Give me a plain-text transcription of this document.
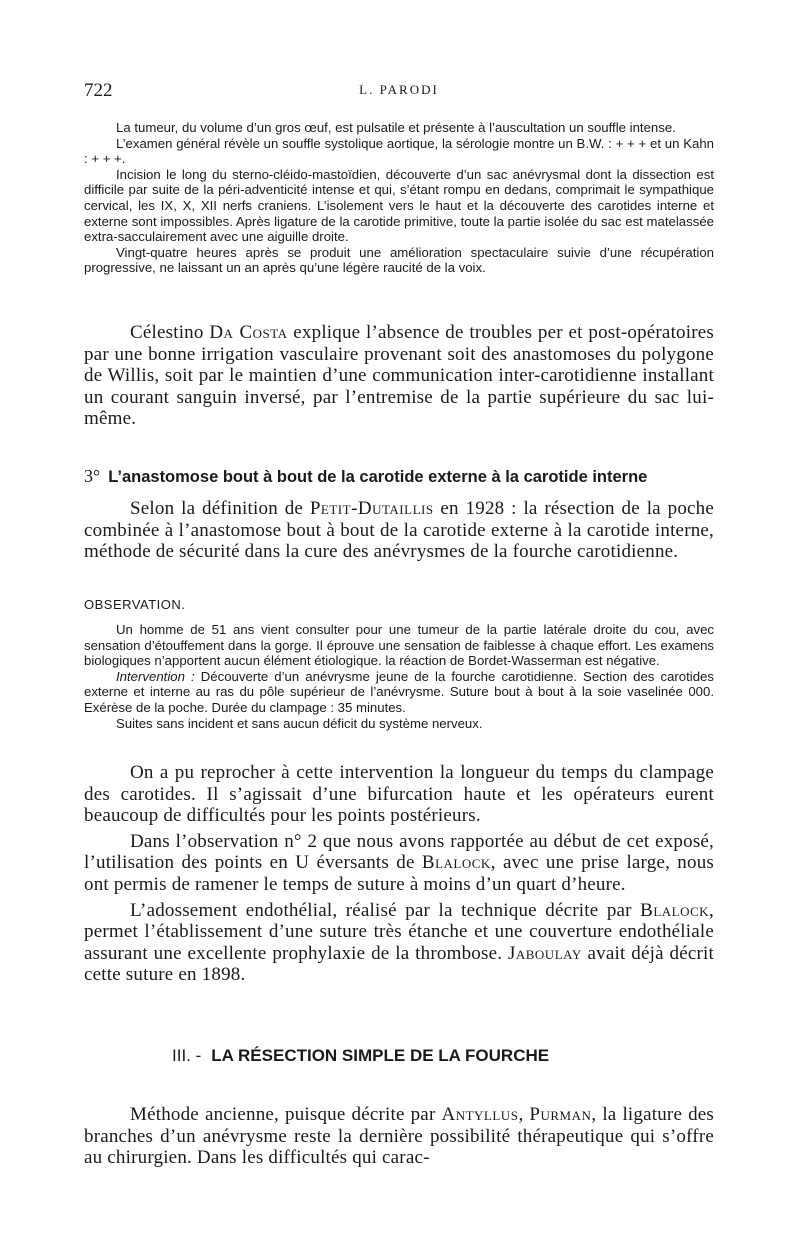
722	L. PARODI

La tumeur, du volume d’un gros œuf, est pulsatile et présente à l’auscultation un souffle intense.

L’examen général révèle un souffle systolique aortique, la sérologie montre un B.W. : + + + et un Kahn : + + +.

Incision le long du sterno-cléido-mastoïdien, découverte d’un sac anévrysmal dont la dissection est difficile par suite de la péri-adventicité intense et qui, s’étant rompu en dedans, comprimait le sympathique cervical, les IX, X, XII nerfs craniens. L’isolement vers le haut et la découverte des carotides interne et externe sont impossibles. Après ligature de la carotide primitive, toute la partie isolée du sac est matelassée extra-sacculairement avec une aiguille droite.

Vingt-quatre heures après se produit une amélioration spectaculaire suivie d’une récupération progressive, ne laissant un an après qu’une légère raucité de la voix.

Célestino Da Costa explique l’absence de troubles per et post-opératoires par une bonne irrigation vasculaire provenant soit des anastomoses du polygone de Willis, soit par le maintien d’une communication inter-carotidienne installant un courant sanguin inversé, par l’entremise de la partie supérieure du sac lui-même.

3° L’anastomose bout à bout de la carotide externe à la carotide interne

Selon la définition de Petit-Dutaillis en 1928 : la résection de la poche combinée à l’anastomose bout à bout de la carotide externe à la carotide interne, méthode de sécurité dans la cure des anévrysmes de la fourche carotidienne.

OBSERVATION.

Un homme de 51 ans vient consulter pour une tumeur de la partie latérale droite du cou, avec sensation d’étouffement dans la gorge. Il éprouve une sensation de faiblesse à chaque effort. Les examens biologiques n’apportent aucun élément étiologique. la réaction de Bordet-Wasserman est négative.

Intervention : Découverte d’un anévrysme jeune de la fourche carotidienne. Section des carotides externe et interne au ras du pôle supérieur de l’anévrysme. Suture bout à bout à la soie vaselinée 000. Exérèse de la poche. Durée du clampage : 35 minutes.

Suites sans incident et sans aucun déficit du système nerveux.

On a pu reprocher à cette intervention la longueur du temps du clampage des carotides. Il s’agissait d’une bifurcation haute et les opérateurs eurent beaucoup de difficultés pour les points postérieurs.

Dans l’observation n° 2 que nous avons rapportée au début de cet exposé, l’utilisation des points en U éversants de Blalock, avec une prise large, nous ont permis de ramener le temps de suture à moins d’un quart d’heure.

L’adossement endothélial, réalisé par la technique décrite par Blalock, permet l’établissement d’une suture très étanche et une couverture endothéliale assurant une excellente prophylaxie de la thrombose. Jaboulay avait déjà décrit cette suture en 1898.

III. - LA RÉSECTION SIMPLE DE LA FOURCHE

Méthode ancienne, puisque décrite par Antyllus, Purman, la ligature des branches d’un anévrysme reste la dernière possibilité thérapeutique qui s’offre au chirurgien. Dans les difficultés qui carac-
